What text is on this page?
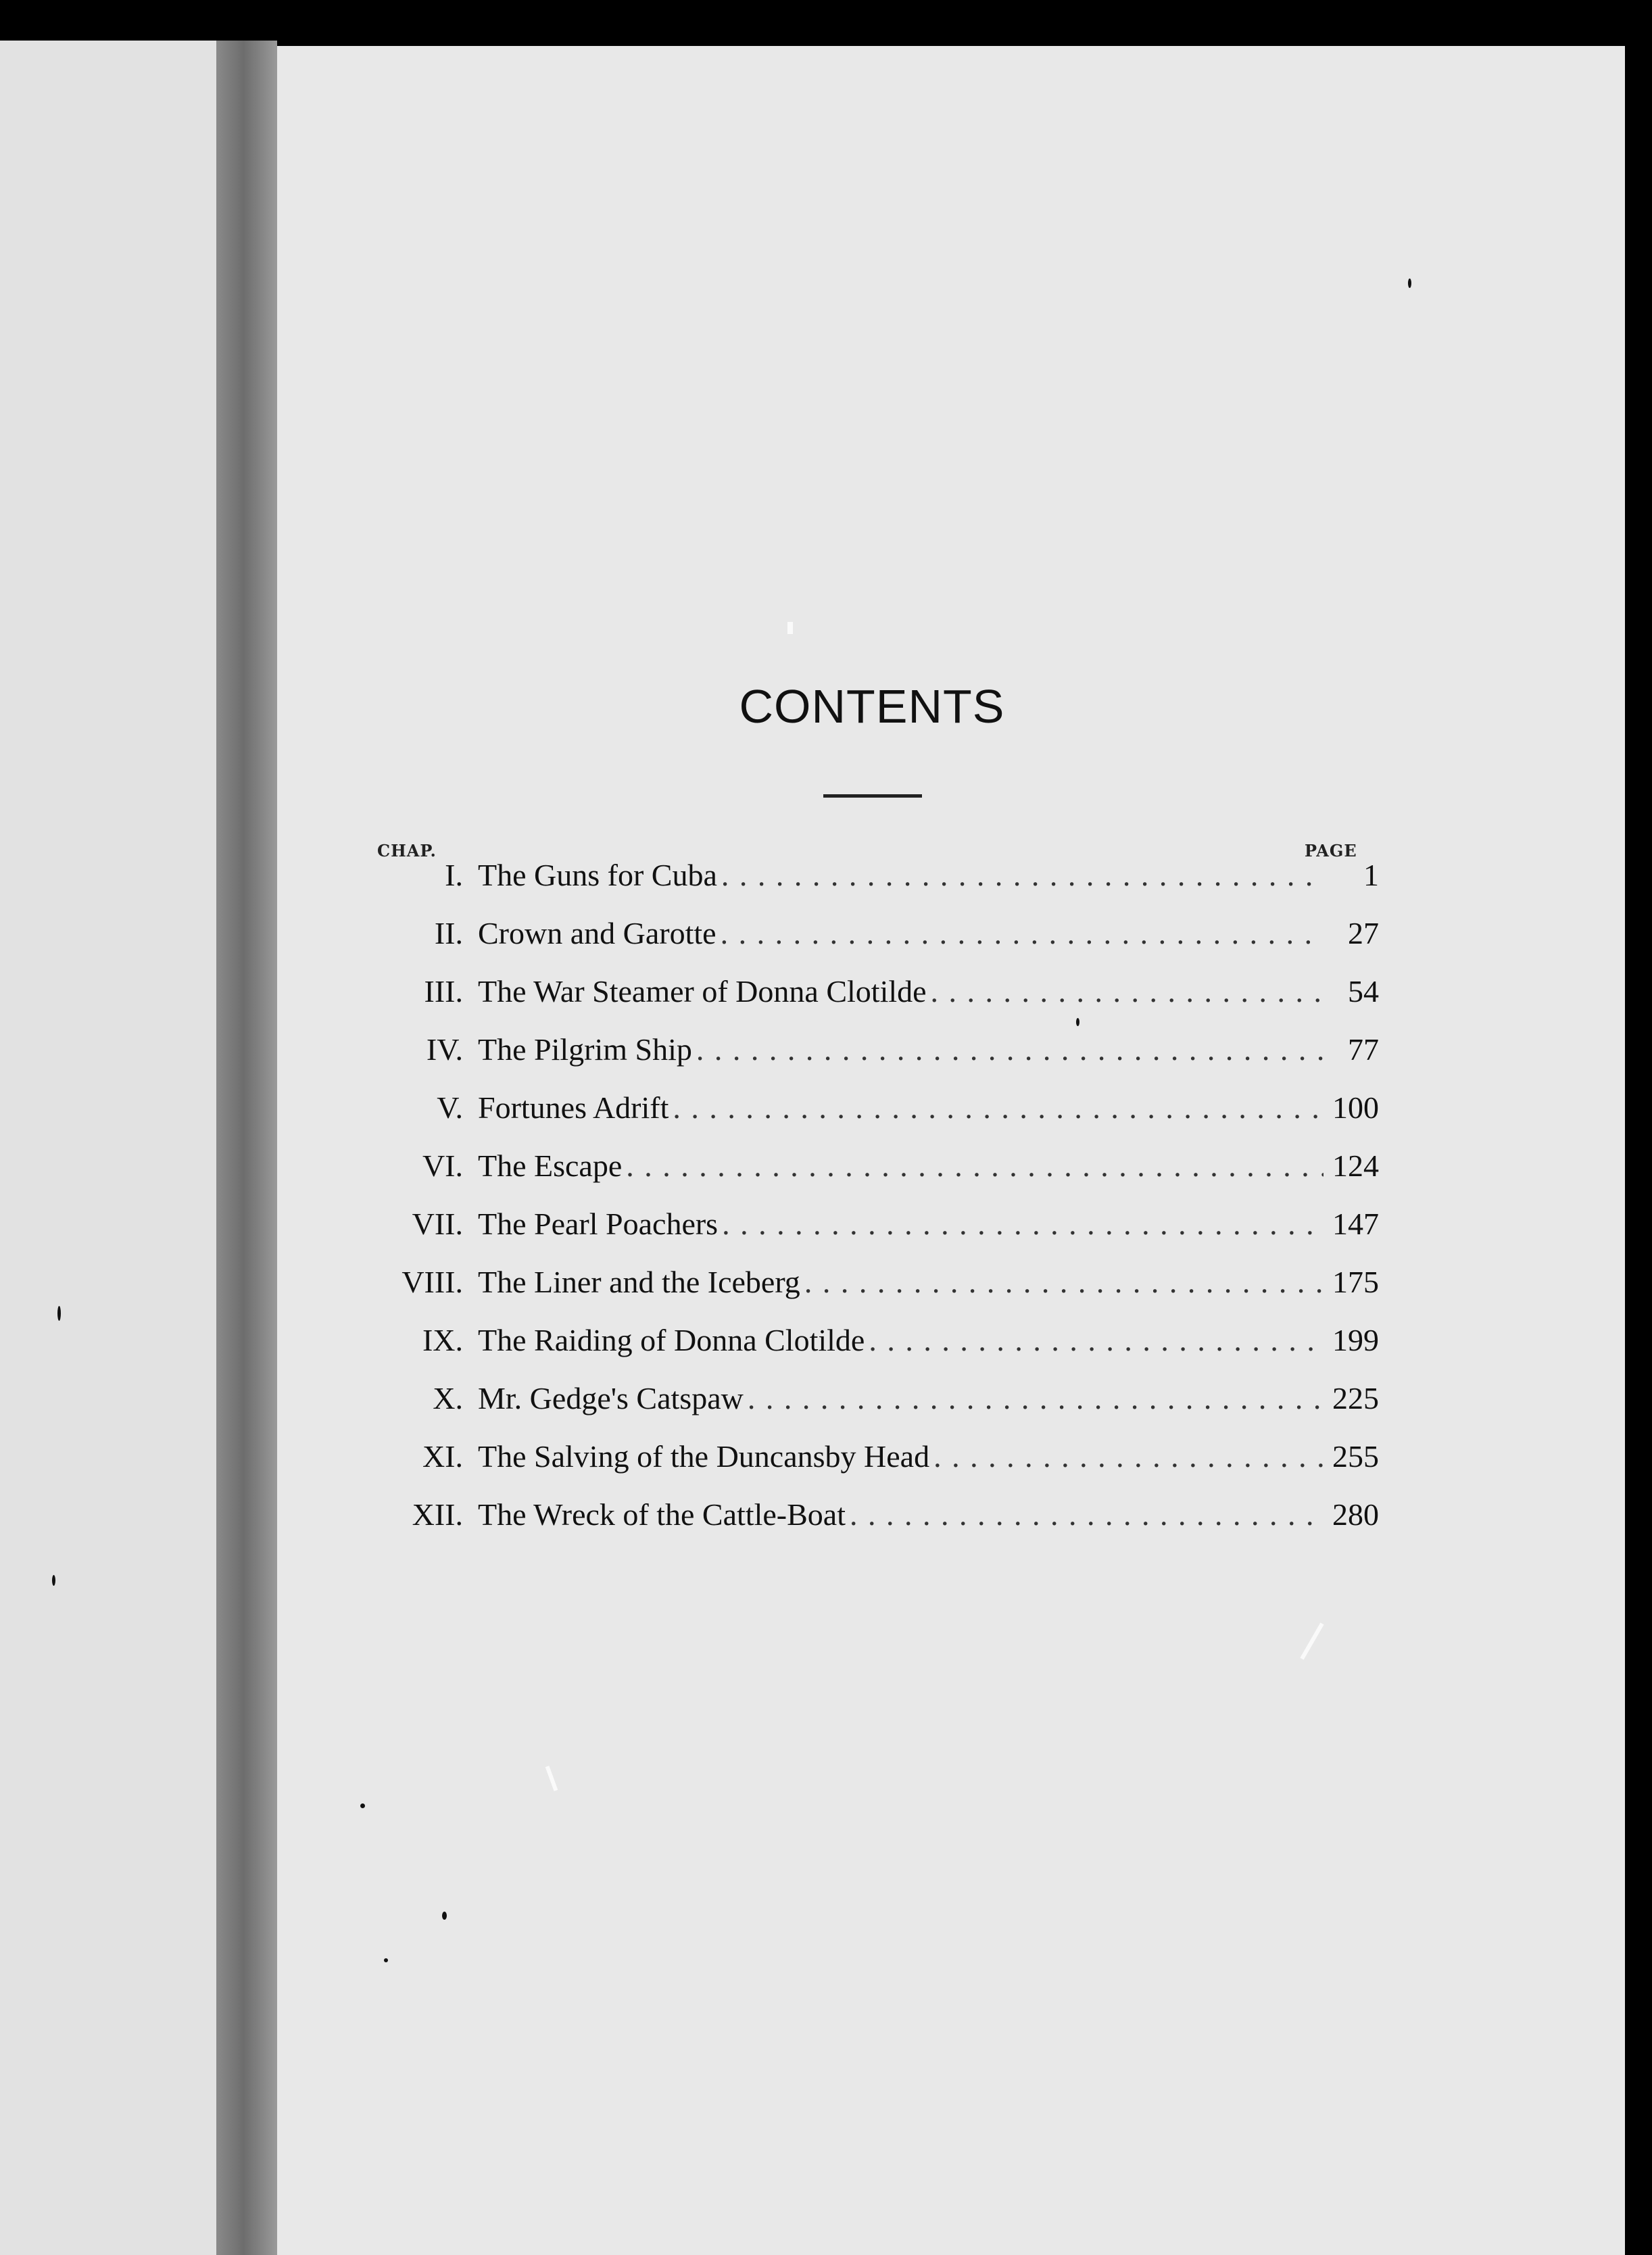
CONTENTS
CHAP.	PAGE
I. The Guns for Cuba . . .	1
II. Crown and Garotte . . .	27
III. The War Steamer of Donna Clotilde . . .	54
IV. The Pilgrim Ship . . .	77
V. Fortunes Adrift . . .	100
VI. The Escape . . .	124
VII. The Pearl Poachers . . .	147
VIII. The Liner and the Iceberg . . .	175
IX. The Raiding of Donna Clotilde . . .	199
X. Mr. Gedge's Catspaw . . .	225
XI. The Salving of the Duncansby Head . . .	255
XII. The Wreck of the Cattle-Boat . . .	280
